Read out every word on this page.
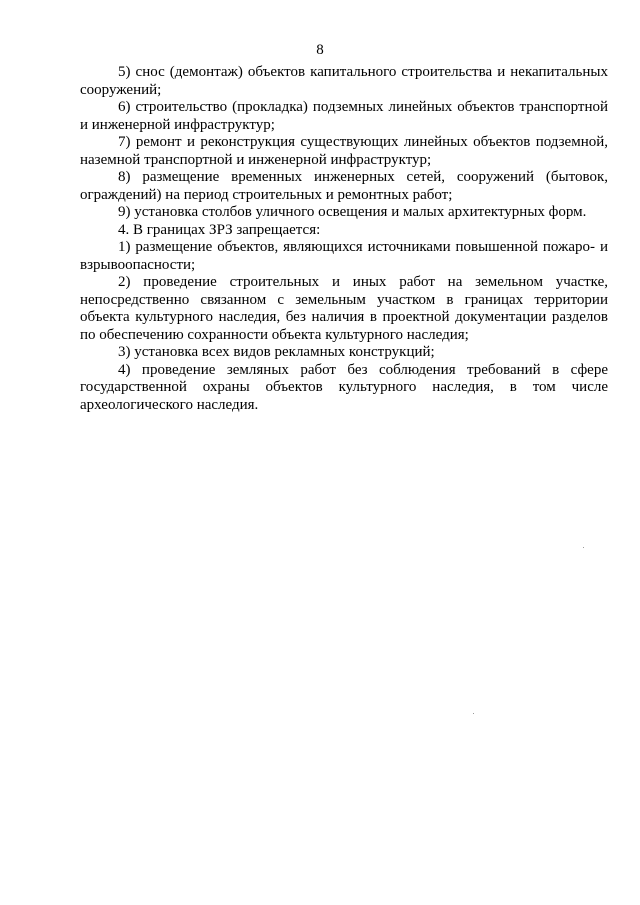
8

5) снос (демонтаж) объектов капитального строительства и некапитальных сооружений;

6) строительство (прокладка) подземных линейных объектов транспортной и инженерной инфраструктур;

7) ремонт и реконструкция существующих линейных объектов подземной, наземной транспортной и инженерной инфраструктур;

8) размещение временных инженерных сетей, сооружений (бытовок, ограждений) на период строительных и ремонтных работ;

9) установка столбов уличного освещения и малых архитектурных форм.

4. В границах ЗРЗ запрещается:

1) размещение объектов, являющихся источниками повышенной пожаро- и взрывоопасности;

2) проведение строительных и иных работ на земельном участке, непосредственно связанном с земельным участком в границах территории объекта культурного наследия, без наличия в проектной документации разделов по обеспечению сохранности объекта культурного наследия;

3) установка всех видов рекламных конструкций;

4) проведение земляных работ без соблюдения требований в сфере государственной охраны объектов культурного наследия, в том числе археологического наследия.
